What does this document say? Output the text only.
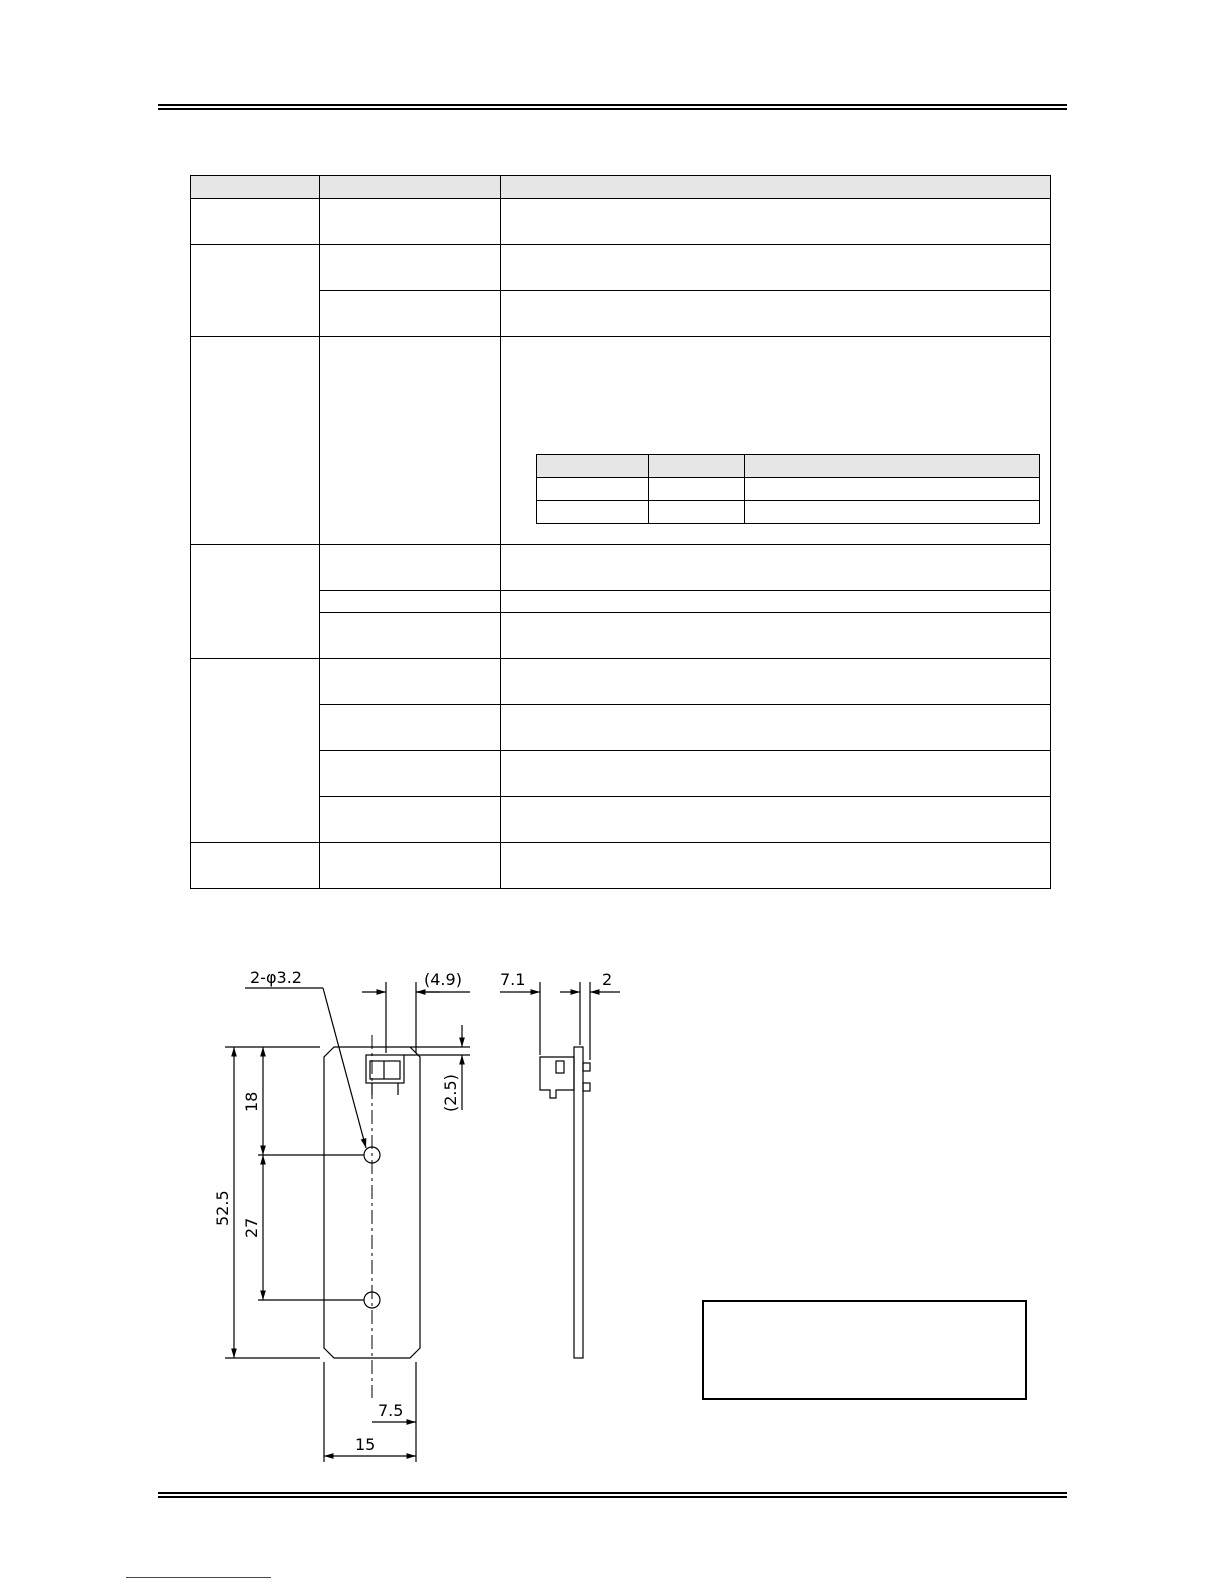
2-φ3.2	(4.9)
(2.5)
52.5
18
27
7.5
15
7.1	2
